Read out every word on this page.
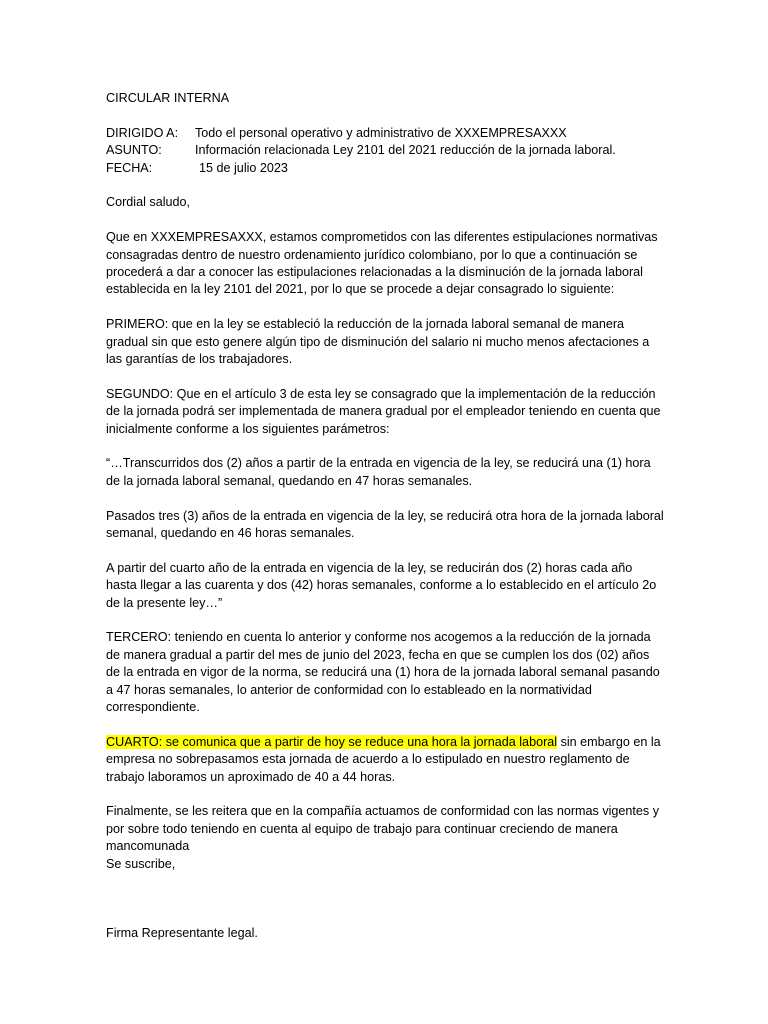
CIRCULAR INTERNA

DIRIGIDO A:	Todo el personal operativo y administrativo de XXXEMPRESAXXX
ASUNTO:	Información relacionada Ley 2101 del 2021 reducción de la jornada laboral.
FECHA:	15 de julio 2023

Cordial saludo,

Que en XXXEMPRESAXXX, estamos comprometidos con las diferentes estipulaciones normativas consagradas dentro de nuestro ordenamiento jurídico colombiano, por lo que a continuación se procederá a dar a conocer las estipulaciones relacionadas a la disminución de la jornada laboral establecida en la ley 2101 del 2021, por lo que se procede a dejar consagrado lo siguiente:

PRIMERO: que en la ley se estableció la reducción de la jornada laboral semanal de manera gradual sin que esto genere algún tipo de disminución del salario ni mucho menos afectaciones a las garantías de los trabajadores.

SEGUNDO: Que en el artículo 3 de esta ley se consagrado que la implementación de la reducción de la jornada podrá ser implementada de manera gradual por el empleador teniendo en cuenta que inicialmente conforme a los siguientes parámetros:

“…Transcurridos dos (2) años a partir de la entrada en vigencia de la ley, se reducirá una (1) hora de la jornada laboral semanal, quedando en 47 horas semanales.

Pasados tres (3) años de la entrada en vigencia de la ley, se reducirá otra hora de la jornada laboral semanal, quedando en 46 horas semanales.

A partir del cuarto año de la entrada en vigencia de la ley, se reducirán dos (2) horas cada año hasta llegar a las cuarenta y dos (42) horas semanales, conforme a lo establecido en el artículo 2o de la presente ley…”

TERCERO: teniendo en cuenta lo anterior y conforme nos acogemos a la reducción de la jornada de manera gradual a partir del mes de junio del 2023, fecha en que se cumplen los dos (02) años de la entrada en vigor de la norma, se reducirá una (1) hora de la jornada laboral semanal pasando a 47 horas semanales, lo anterior de conformidad con lo estableado en la normatividad correspondiente.

CUARTO: se comunica que a partir de hoy se reduce una hora la jornada laboral sin embargo en la empresa no sobrepasamos esta jornada de acuerdo a lo estipulado en nuestro reglamento de trabajo laboramos un aproximado de 40 a 44 horas.

Finalmente, se les reitera que en la compañía actuamos de conformidad con las normas vigentes y por sobre todo teniendo en cuenta al equipo de trabajo para continuar creciendo de manera mancomunada

Se suscribe,

Firma Representante legal.
